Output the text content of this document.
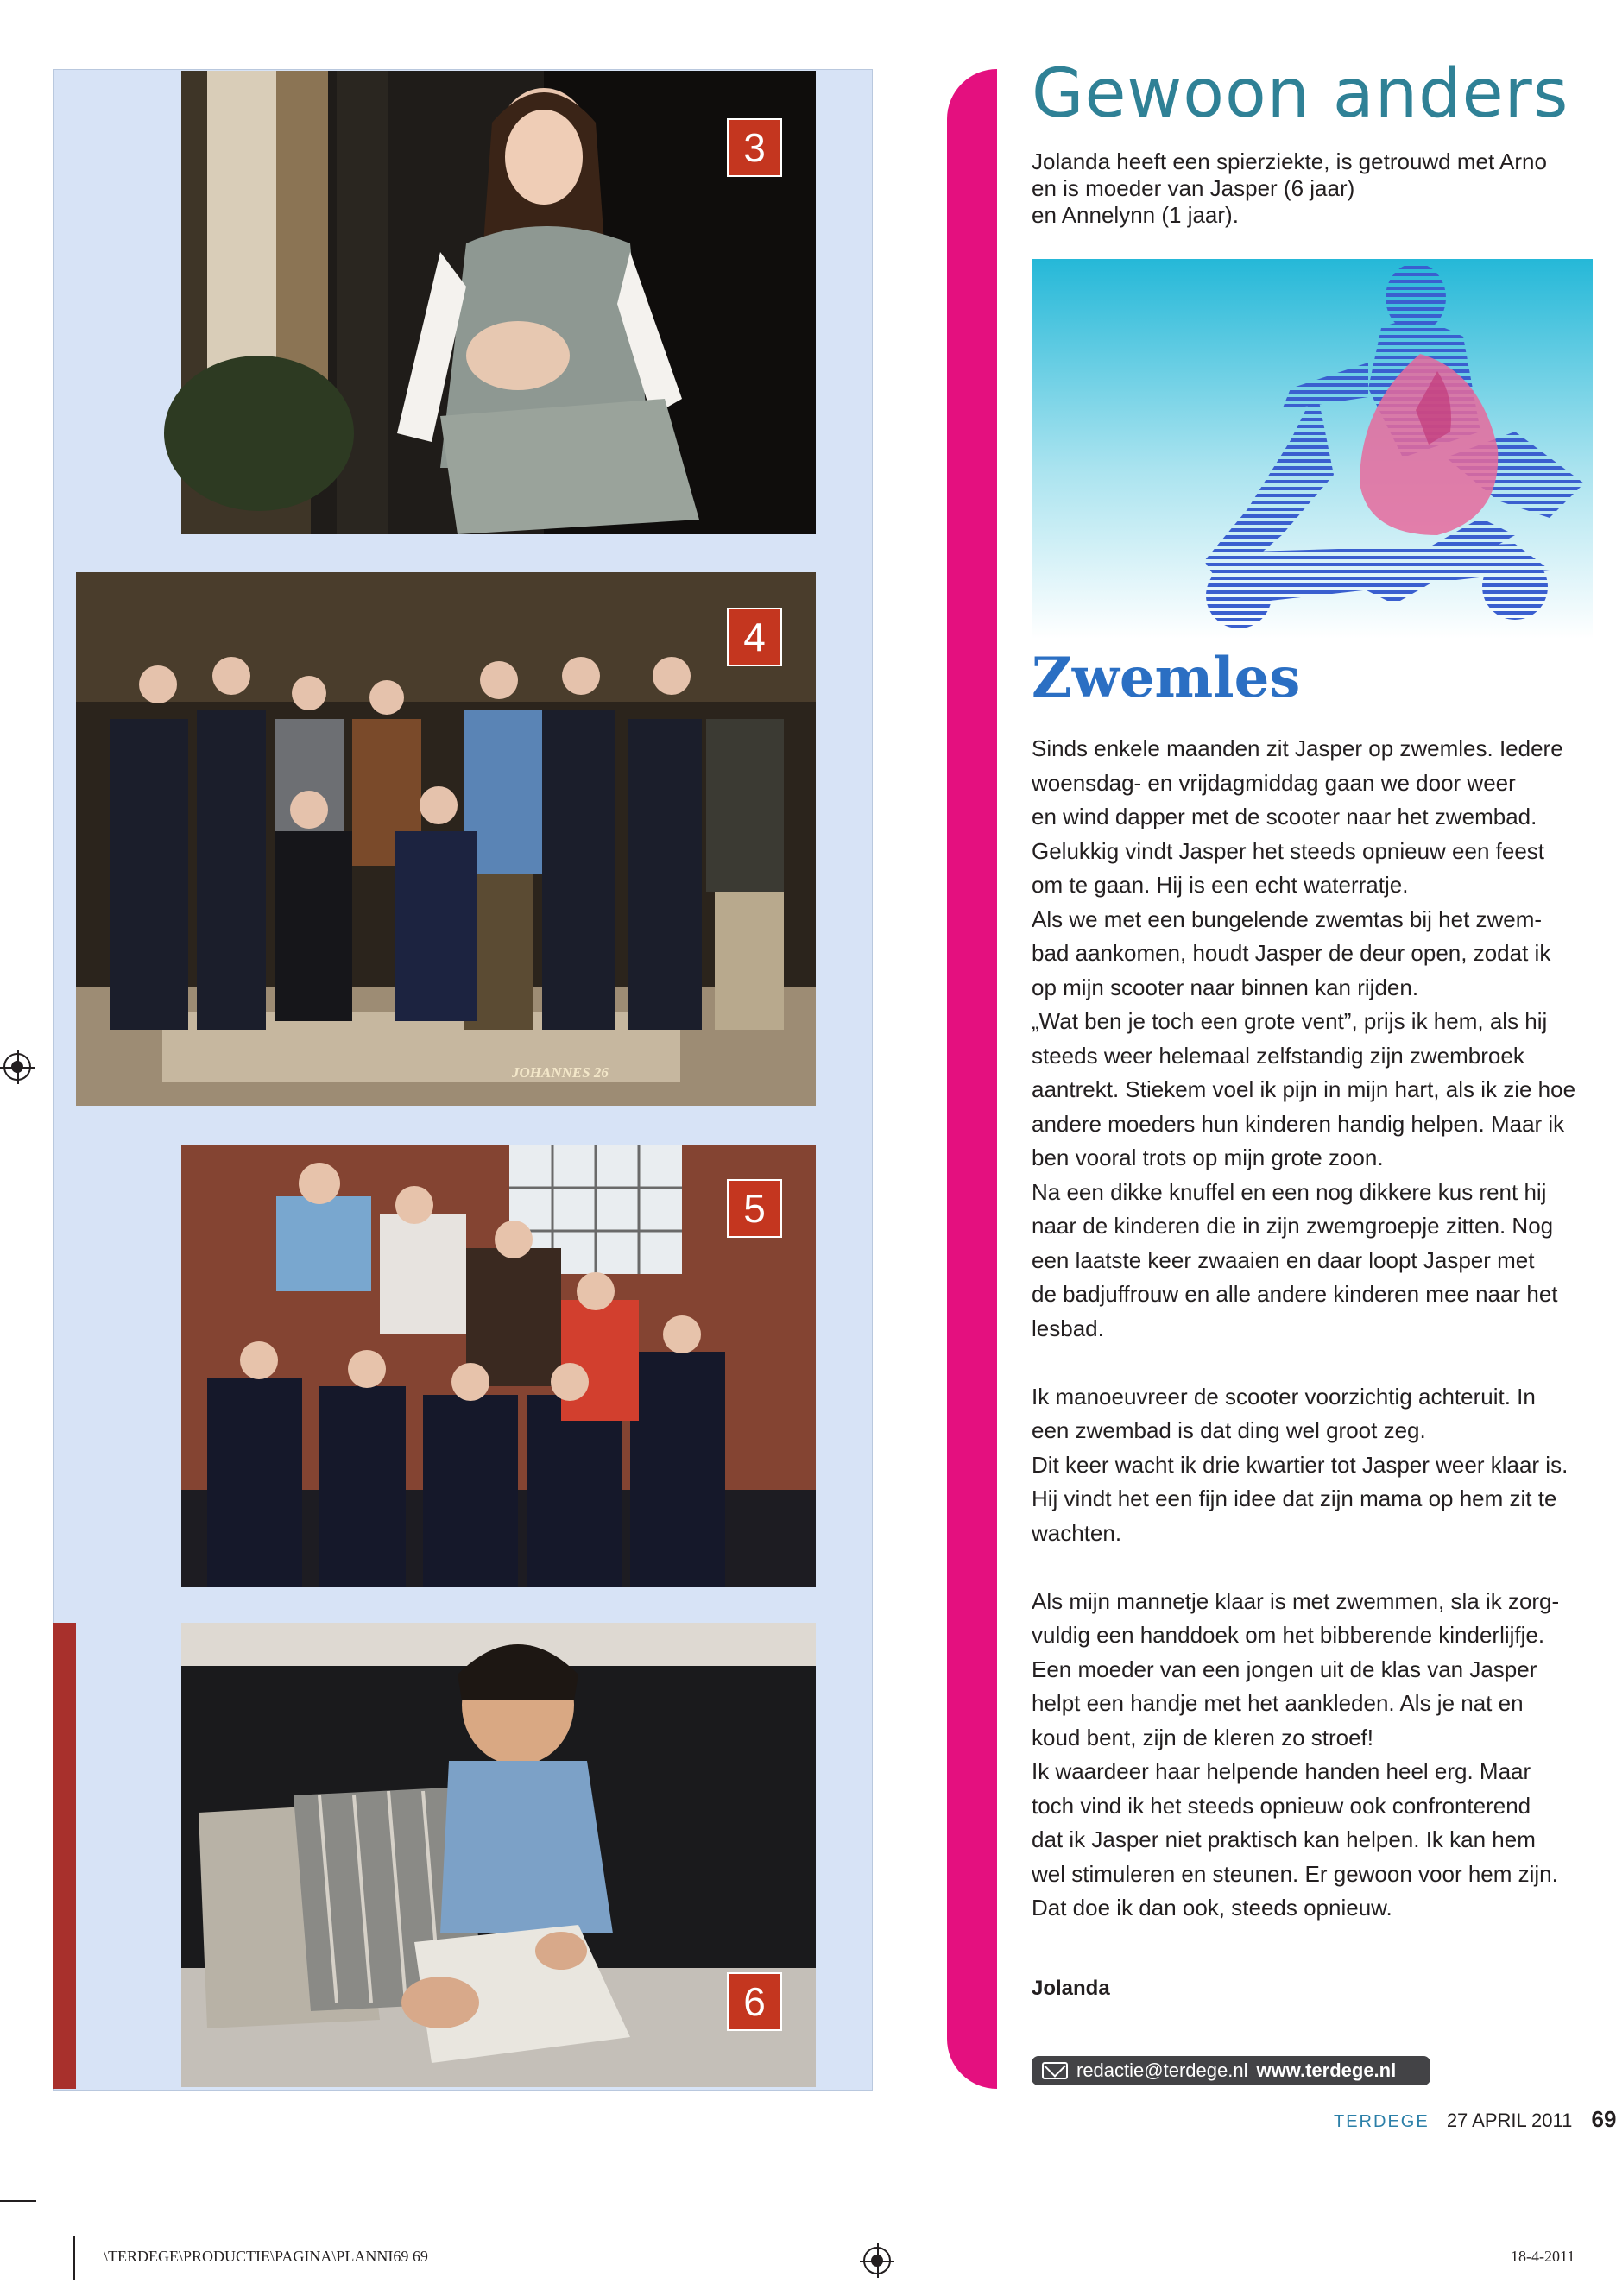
3
JOHANNES 26
4
5
6
Gewoon anders
Jolanda heeft een spierziekte, is getrouwd met Arno
en is moeder van Jasper (6 jaar)
en Annelynn (1 jaar).
Zwemles
Sinds enkele maanden zit Jasper op zwemles. Iedere
woensdag- en vrijdagmiddag gaan we door weer
en wind dapper met de scooter naar het zwembad.
Gelukkig vindt Jasper het steeds opnieuw een feest
om te gaan. Hij is een echt waterratje.
Als we met een bungelende zwemtas bij het zwem-
bad aankomen, houdt Jasper de deur open, zodat ik
op mijn scooter naar binnen kan rijden.
„Wat ben je toch een grote vent”, prijs ik hem, als hij
steeds weer helemaal zelfstandig zijn zwembroek
aantrekt. Stiekem voel ik pijn in mijn hart, als ik zie hoe
andere moeders hun kinderen handig helpen. Maar ik
ben vooral trots op mijn grote zoon.
Na een dikke knuffel en een nog dikkere kus rent hij
naar de kinderen die in zijn zwemgroepje zitten. Nog
een laatste keer zwaaien en daar loopt Jasper met
de badjuffrouw en alle andere kinderen mee naar het
lesbad.
Ik manoeuvreer de scooter voorzichtig achteruit. In
een zwembad is dat ding wel groot zeg.
Dit keer wacht ik drie kwartier tot Jasper weer klaar is.
Hij vindt het een fijn idee dat zijn mama op hem zit te
wachten.
Als mijn mannetje klaar is met zwemmen, sla ik zorg-
vuldig een handdoek om het bibberende kinderlijfje.
Een moeder van een jongen uit de klas van Jasper
helpt een handje met het aankleden. Als je nat en
koud bent, zijn de kleren zo stroef!
Ik waardeer haar helpende handen heel erg. Maar
toch vind ik het steeds opnieuw ook confronterend
dat ik Jasper niet praktisch kan helpen. Ik kan hem
wel stimuleren en steunen. Er gewoon voor hem zijn.
Dat doe ik dan ook, steeds opnieuw.
Jolanda
redactie@terdege.nl www.terdege.nl
TERDEGE 27 APRIL 2011 69
\TERDEGE\PRODUCTIE\PAGINA\PLANNI69 69	18-4-2011
